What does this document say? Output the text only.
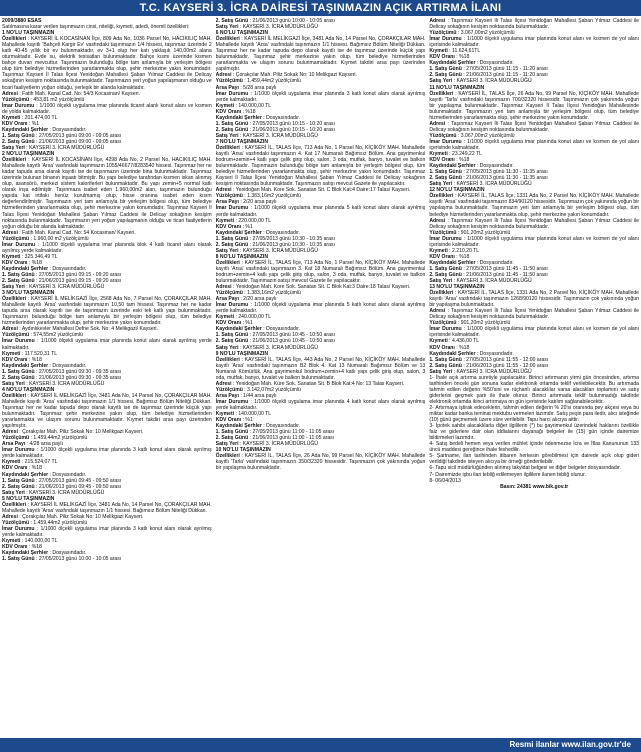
T.C. KAYSERİ 3. İCRA DAİRESİ TAŞINMAZIN AÇIK ARTIRMA İLANI

2009/3880 ESAS

Satılmasına karar verilen taşınmazın cinsi, niteliği, kıymeti, adedi, önemli özellikleri:

1 NO'LU TAŞINMAZIN

Özellikleri : KAYSERİ İL KOCASİNAN İlçe, 809 Ada No, 1036 Parsel No, HACIKILIÇ MAH. Mahallede kayıtlı 'Bahçeli Kargir Ev' vasfındaki taşınmazın 1/4 hissesi, taşınmaz üzerinde 2 katlı 40-45 yıllık bir ev bulunmaktadır, ev 3+1 olup her katı yaklaşık 140,00m2 alana oturmaktadır. Evde su, elektrik tesisatları bulunmaktadır. Bahçe kısmı üzerinde kısmen bahçe duvarı mevcuttur. Taşınmazın bulunduğu bölge tam anlamıyla bir yerleşim bölgesi olup tüm belediye hizmetlerinden yararlanmakta olup, şehir merkezine yakın konumdadır. Taşınmaz Kayseri İl Talas İlçesi Yenidoğan Mahallesi Şaban Yılmaz Caddesi ile Delicay sokağının kesişim noktasında bulunmaktadır. Taşınmazın yeri yoğun yapılaşmanın olduğu ve ticari faaliyetlerin yoğun olduğu, yerleşik bir alanda kalmaktadır.

Adresi : Fatih Mah. Kanal Cad. No: 54/3 Kocasinan/ Kayseri.

Yüzölçümü : 453,81 m2 yüzölçümlü

İmar Durumu : 1/1000 ölçekli uygulama imar planında ticaret alanlı konut alanı ve kısmen de yolda kalmaktadır.

Kıymeti : 201.474,00 TL

KDV Oranı : %1

Kaydındaki Şerhler : Dosyasındadır.

1. Satış Günü : 27/05/2013 günü 09:00 - 09:05 arası

2. Satış Günü : 21/06/2013 günü 09:00 - 09:05 arası

Satış Yeri : KAYSERİ 3. İCRA MÜDÜRLÜĞÜ

2 NO'LU TAŞINMAZIN

Özellikleri : KAYSERİ İL KOCASİNAN İlçe, 4298 Ada No, 2 Parsel No, HACIKILIÇ MAH. Mahallede kayıtlı 'Arsa' vasfındaki taşınmazın 1055/46677/8283540 hissesi. Taşınmaz her ne kadar tapuda arsa olarak kayıtlı ise de taşınmazın üzerinde bina bulunmaktadır. Taşınmaz üzerinde bulunan binanın inşaatı bitmiştir. Bu yapı belediye tarafından kısmen iskan alınmış olup, asansörü, merkezi sistem kaloriferleri bulunmaktadır. Bu yapı zemin+5 normal katlı olarak inşa edilmiştir. Taşınmaza isabet eden 1.960,00m2 alan, taşınmazın bulunduğu yapıda kat irtifakı henüz kurulmamış olup, hisse oranına isabet eden kısım değerlendirilmiştir. Taşınmazın yeri tam anlamıyla bir yerleşim bölgesi olup, tüm belediye hizmetlerinden yararlanmakta olup, şehir merkezine yakın konumdadır. Taşınmaz Kayseri İl Talas İlçesi Yenidoğan Mahallesi Şaban Yılmaz Caddesi ile Delicay sokağının kesişim noktasında bulunmaktadır. Taşınmazın yeri yoğun yapılaşmanın olduğu ve ticari faaliyetlerin yoğun olduğu bir alanda kalmaktadır.

Adresi : Fatih Mah. Kanal Cad. No: 54 Kocasinan/ Kayseri.

Yüzölçümü : 1.960,00 m2 yüzölçümlü

İmar Durumu : 1/1000 ölçekli uygulama imar planında blok 4 katlı ticaret alanı olarak ayrılmış yerde kalmaktadır.

Kıymeti : 325.346,49 TL

KDV Oranı : %18

Kaydındaki Şerhler : Dosyasındadır.

1. Satış Günü : 27/05/2013 günü 09:15 - 09:20 arası

2. Satış Günü : 21/06/2013 günü 09:15 - 09:20 arası

Satış Yeri : KAYSERİ 3. İCRA MÜDÜRLÜĞÜ

3 NO'LU TAŞINMAZIN

Özellikleri : KAYSERİ İL MELİKGAZİ İlçe, 2568 Ada No, 7 Parsel No, ÇORAKÇILAR MAH. Mahallede kayıtlı 'Arsa' vasfındaki taşınmazın 10,50 tam hissesi. Taşınmaz her ne kadar tapuda arsa olarak kayıtlı ise de taşınmazın üzerinde eski tek katlı yapı bulunmaktadır. Taşınmazın bulunduğu bölge tam anlamıyla bir yerleşim bölgesi olup, tüm belediye hizmetlerinden yararlanmakta olup, şehir merkezine yakın konumdadır.

Adresi : Aydınlıkevler Mahallesi Defne Sok. No: 4 Melikgazi/ Kayseri.

Yüzölçümü : 574,55m2 yüzölçümlü

İmar Durumu : 1/1000 ölçekli uygulama imar planında konut alanı olarak ayrılmış yerde kalmaktadır.

Kıymeti : 117.520,31 TL

KDV Oranı : %18

Kaydındaki Şerhler : Dosyasındadır.

1. Satış Günü : 27/05/2013 günü 09:30 - 09:35 arası

2. Satış Günü : 21/06/2013 günü 09:30 - 09:35 arası

Satış Yeri : KAYSERİ 3. İCRA MÜDÜRLÜĞÜ

4 NO'LU TAŞINMAZIN

Özellikleri : KAYSERİ İL MELİKGAZİ İlçe, 3481 Ada No, 14 Parsel No, ÇORAKÇILAR MAH. Mahallede kayıtlı 'Arsa' vasfındaki taşınmazın 1/1 hissesi. Bağımsız Bölüm Niteliği Dükkan. Taşınmaz her ne kadar tapuda depo olarak kayıtlı ise de taşınmaz üzerinde küçük yapı bulunmaktadır. Taşınmaz şehir merkezine yakın olup, tüm belediye hizmetlerinden yararlanmakta ve ulaşım sorunu bulunmamaktadır. Kıymet takdiri arsa payı üzerinden yapılmıştır.

Adresi : Çorakçılar Mah. Piliz Sokak No: 10 Melikgazi Kayseri.

Yüzölçümü : 1.459,44m2 yüzölçümlü

Arsa Payı : 4/28 arsa paylı

İmar Durumu : 1/1000 ölçekli uygulama imar planında 3 katlı konut alanı olarak ayrılmış yerde kalmaktadır.

Kıymeti : 215.524,07 TL

KDV Oranı : %18

Kaydındaki Şerhler : Dosyasındadır.

1. Satış Günü : 27/05/2013 günü 09:45 - 09:50 arası

2. Satış Günü : 21/06/2013 günü 09:45 - 09:50 arası

Satış Yeri : KAYSERİ 3. İCRA MÜDÜRLÜĞÜ

5 NO'LU TAŞINMAZIN

Özellikleri : KAYSERİ İL MELİKGAZİ İlçe, 3481 Ada No, 14 Parsel No, ÇORAKÇILAR MAH. Mahallede kayıtlı 'Arsa' vasfındaki taşınmazın 1/1 hissesi. Bağımsız Bölüm Niteliği Dükkan.

Adresi : Çorakçılar Mah. Piliz Sokak No: 10 Melikgazi Kayseri.

Yüzölçümü : 1.459,44m2 yüzölçümlü

İmar Durumu : 1/1000 ölçekli uygulama imar planında 3 katlı konut alanı olarak ayrılmış yerde kalmaktadır.

Kıymeti : 140.000,00 TL

KDV Oranı : %18

Kaydındaki Şerhler : Dosyasındadır.

1. Satış Günü : 27/05/2013 günü 10:00 - 10:05 arası

2. Satış Günü : 21/06/2013 günü 10:00 - 10:05 arası

Satış Yeri : KAYSERİ 3. İCRA MÜDÜRLÜĞÜ

6 NO'LU TAŞINMAZIN

Özellikleri : KAYSERİ İL MELİKGAZİ İlçe, 3481 Ada No, 14 Parsel No, ÇORAKÇILAR MAH. Mahallede kayıtlı 'Arsa' vasfındaki taşınmazın 1/1 hissesi. Bağımsız Bölüm Niteliği Dükkan. Taşınmaz her ne kadar tapuda depo olarak kayıtlı ise de taşınmaz üzerinde küçük yapı bulunmaktadır. Taşınmaz şehir merkezine yakın olup, tüm belediye hizmetlerinden yararlanmakta ve ulaşım sorunu bulunmamaktadır. Kıymet takdiri arsa payı üzerinden yapılmıştır.

Adresi : Çorakçılar Mah. Piliz Sokak No: 10 Melikgazi Kayseri.

Yüzölçümü : 1.459,44m2 yüzölçümlü

Arsa Payı : 5/28 arsa paylı

İmar Durumu : 1/1000 ölçekli uygulama imar planında 3 katlı konut alanı olarak ayrılmış yerde kalmaktadır.

Kıymeti : 140.000,00 TL

KDV Oranı : %18

Kaydındaki Şerhler : Dosyasındadır.

1. Satış Günü : 27/05/2013 günü 10:15 - 10:20 arası

2. Satış Günü : 21/06/2013 günü 10:15 - 10:20 arası

Satış Yeri : KAYSERİ 3. İCRA MÜDÜRLÜĞÜ

7 NO'LU TAŞINMAZIN

Özellikleri : KAYSERİ İL, TALAS İlçe, 713 Ada No, 1 Parsel No, KİÇİKÖY MAH. Mahallede kayıtlı 'Arsa' vasfındaki taşınmazın 4. Kat 17 Numaralı Bağımsız Bölüm. Ana gayrimenkul bodrum+zemin+4 katlı yapı çelik giriş olup, salon, 3 oda, mutfak, banyo, tuvalet ve balkon bulunmaktadır. Taşınmazın bulunduğu bölge tam anlamıyla bir yerleşim bölgesi olup, tüm belediye hizmetlerinden yararlanmakta olup, şehir merkezine yakın konumdadır. Taşınmaz Kayseri İl Talas İlçesi Yenidoğan Mahallesi Şaban Yılmaz Caddesi ile Delicay sokağının kesişim noktasında bulunmaktadır. Taşınmazın satışı mevcut Gazete ile yapılacaktır.

Adresi : Yenidoğan Mah. Kore Sok. Sanatan Sit. C Blok Kat:4 Daire:17 Talas/ Kayseri.

Yüzölçümü : 1.383,16m2 yüzölçümlü

Arsa Payı : 2/20 arsa paylı

İmar Durumu : 1/1000 ölçekli uygulama imar planında 5 katlı konut alanı olarak ayrılmış yerde kalmaktadır.

Kıymeti : 220.000,00 TL

KDV Oranı : %1

Kaydındaki Şerhler : Dosyasındadır.

1. Satış Günü : 27/05/2013 günü 10:30 - 10:35 arası

2. Satış Günü : 21/06/2013 günü 10:30 - 10:35 arası

Satış Yeri : KAYSERİ 3. İCRA MÜDÜRLÜĞÜ

8 NO'LU TAŞINMAZIN

Özellikleri : KAYSERİ İL, TALAS İlçe, 713 Ada No, 1 Parsel No, KİÇİKÖY MAH. Mahallede kayıtlı 'Arsa' vasfındaki taşınmazın 3. Kat 18 Numaralı Bağımsız Bölüm. Ana gayrimenkul bodrum+zemin+4 katlı yapı çelik giriş olup, salon, 3 oda, mutfak, banyo, tuvalet ve balkon bulunmaktadır. Taşınmazın satışı mevcut Gazete ile yapılacaktır.

Adresi : Yenidoğan Mah. Kore Sok. Sanatan Sit. C Blok Kat:3 Daire:18 Talas/ Kayseri.

Yüzölçümü : 1.383,16m2 yüzölçümlü

Arsa Payı : 2/20 arsa paylı

İmar Durumu : 1/1000 ölçekli uygulama imar planında 5 katlı konut alanı olarak ayrılmış yerde kalmaktadır.

Kıymeti : 240.000,00 TL

KDV Oranı : %1

Kaydındaki Şerhler : Dosyasındadır.

1. Satış Günü : 27/05/2013 günü 10:45 - 10:50 arası

2. Satış Günü : 21/06/2013 günü 10:45 - 10:50 arası

Satış Yeri : KAYSERİ 3. İCRA MÜDÜRLÜĞÜ

9 NO'LU TAŞINMAZIN

Özellikleri : KAYSERİ İL, TALAS İlçe, 443 Ada No, 2 Parsel No, KİÇİKÖY MAH. Mahallede kayıtlı 'Arsa' vasfındaki taşınmazın B2 Blok 4. Kat 13 Numaralı Bağımsız Bölüm ve 13 Numaralı Kömürlük. Ana gayrimenkul bodrum+zemin+4 katlı yapı çelik giriş olup, salon, 3 oda, mutfak, banyo, tuvalet ve balkon bulunmaktadır.

Adresi : Yenidoğan Mah. Küre Sok. Sanatan Sit. B Blok Kat:4 No: 13 Talas Kayseri.

Yüzölçümü : 3.142,07m2 yüzölçümlü

Arsa Payı : 1/44 arsa paylı

İmar Durumu : 1/1000 ölçekli uygulama imar planında 4 katlı konut alanı olarak ayrılmış yerde kalmaktadır.

Kıymeti : 140.000,00 TL

KDV Oranı : %1

Kaydındaki Şerhler : Dosyasındadır.

1. Satış Günü : 27/05/2013 günü 11:00 - 11:05 arası

2. Satış Günü : 21/06/2013 günü 11:00 - 11:05 arası

Satış Yeri : KAYSERİ 3. İCRA MÜDÜRLÜĞÜ

10 NO'LU TAŞINMAZIN

Özellikleri : KAYSERİ İL, TALAS İlçe, 26 Ada No, 99 Parsel No, KİÇİKÖY MAH. Mahallede kayıtlı 'Tarla' vasfındaki taşınmazın 350/32320 hissesidir. Taşınmazın çok yakınında yoğun bir yapılaşma bulunmaktadır.

Adresi : Taşınmaz Kayseri İli Talas İlçesi Yenidoğan Mahallesi Şaban Yılmaz Caddesi ile Delicay sokağının kesişim noktasında bulunmaktadır.

Yüzölçümü : 3.067,00m2 yüzölçümlü

İmar Durumu : 1/1000 ölçekli uygulama imar planında konut alanı ve kısmen de yol alanı içerisinde kalmaktadır.

Kıymeti : 11.624,61TL

KDV Oranı : %18

Kaydındaki Şerhler : Dosyasındadır.

1. Satış Günü : 27/05/2013 günü 11:15 - 11:20 arası

2. Satış Günü : 21/06/2013 günü 11:15 - 11:20 arası

Satış Yeri : KAYSERİ 3. İCRA MÜDÜRLÜĞÜ

11 NO'LU TAŞINMAZIN

Özellikleri : KAYSERİ İL, TALAS İlçe, 26 Ada No, 99 Parsel No, KİÇİKÖY MAH. Mahallede kayıtlı 'Tarla' vasfındaki taşınmazın 700/32320 hissesidir. Taşınmazın çok yakınında yoğun bir yapılaşma bulunmaktadır. Taşınmaz Kayseri İl Talas İlçesi Yenidoğan Mahallesinde bulunmaktadır. Taşınmazın yeri tam anlamıyla bir yerleşim bölgesi olup, tüm belediye hizmetlerinden yararlanmakta olup, şehir merkezine yakın konumdadır.

Adresi : Taşınmaz Kayseri İli Talas İlçesi Yenidoğan Mahallesi Şaban Yılmaz Caddesi ile Delicay sokağının kesişim noktasında bulunmaktadır.

Yüzölçümü : 3.067,00m2 yüzölçümlü

İmar Durumu : 1/1000 ölçekli uygulama imar planında konut alanı ve kısmen de yol alanı içerisinde kalmaktadır.

Kıymeti : 23.249,22 TL

KDV Oranı : %18

Kaydındaki Şerhler : Dosyasındadır.

1. Satış Günü : 27/05/2013 günü 11:30 - 11:35 arası

2. Satış Günü : 21/06/2013 günü 11:30 - 11:35 arası

Satış Yeri : KAYSERİ 3. İCRA MÜDÜRLÜĞÜ

12 NO'LU TAŞINMAZIN

Özellikleri : KAYSERİ İL, TALAS İlçe, 1331 Ada No, 2 Parsel No, KİÇİKÖY MAH. Mahallede kayıtlı 'Arsa' vasfındaki taşınmazın 834/90120 hissesidir. Taşınmazın çok yakınında yoğun bir yapılaşma bulunmaktadır. Taşınmazın yeri tam anlamıyla bir yerleşim bölgesi olup, tüm belediye hizmetlerinden yararlanmakta olup, şehir merkezine yakın konumdadır.

Adresi : Taşınmaz Kayseri İli Talas İlçesi Yenidoğan Mahallesi Şaban Yılmaz Caddesi ile Delicay sokağının kesişim noktasında bulunmaktadır.

Yüzölçümü : 901,20m2 yüzölçümlü

İmar Durumu : 1/1000 ölçekli uygulama imar planında konut alanı ve kısmen de yol alanı içerisinde kalmaktadır.

Kıymeti : 2.210,20 TL

KDV Oranı : %18

Kaydındaki Şerhler : Dosyasındadır.

1. Satış Günü : 27/05/2013 günü 11:45 - 11:50 arası

2. Satış Günü : 21/06/2013 günü 11:45 - 11:50 arası

Satış Yeri : KAYSERİ 3. İCRA MÜDÜRLÜĞÜ

13 NO'LU TAŞINMAZIN

Özellikleri : KAYSERİ İL, TALAS İlçe, 1331 Ada No, 2 Parsel No, KİÇİKÖY MAH. Mahallede kayıtlı 'Arsa' vasfındaki taşınmazın 1268/90120 hissesidir. Taşınmazın çok yakınında yoğun bir yapılaşma bulunmaktadır.

Adresi : Taşınmaz Kayseri İli Talas İlçesi Yenidoğan Mahallesi Şaban Yılmaz Caddesi ile Delicay sokağının kesişim noktasında bulunmaktadır.

Yüzölçümü : 901,20m2 yüzölçümlü

İmar Durumu : 1/1000 ölçekli uygulama imar planında konut alanı ve kısmen de yol alanı içerisinde kalmaktadır.

Kıymeti : 4.436,00 TL

KDV Oranı : %18

Kaydındaki Şerhler : Dosyasındadır.

1. Satış Günü : 27/05/2013 günü 11:55 - 12:00 arası

2. Satış Günü : 21/06/2013 günü 11:55 - 12:00 arası

Satış Yeri : KAYSERİ 3. İCRA MÜDÜRLÜĞÜ

1- İhale açık artırma suretiyle yapılacaktır. Birinci artırmanın yirmi gün öncesinden, artırma tarihinden önceki gün sonuna kadar elektronik ortamda teklif verilebilecektir. Bu artırmada tahmin edilen değerin %50'sini ve rüçhanlı alacaklılar varsa alacakları toplamını ve satış giderlerini geçmek şartı ile ihale olunur. Birinci artırmada teklif bulunmadığı takdirde elektronik ortamda ikinci artırmaya on gün içerisinde katılım sağlanabilecektir.

2- Artırmaya iştirak edeceklerin, tahmin edilen değerin % 20'si oranında pey akçesi veya bu miktar kadar banka teminat mektubu vermeleri lazımdır. Satış peşin para iledir, alıcı isteğinde (10) günü geçmemek üzere süre verilebilir. Tapu harcı alıcıya aittir.

3- İpotek sahibi alacaklılarla diğer ilgililerin (*) bu gayrimenkul üzerindeki haklarını özellikle faiz ve giderlere dair olan iddialarını dayanağı belgeler ile (15) gün içinde dairemize bildirmeleri lazımdır.

4- Satış bedeli hemen veya verilen mühlet içinde ödenmezse İcra ve İflas Kanununun 133 üncü maddesi gereğince ihale feshedilir.

5- Şartname, ilan tarihinden itibaren herkesin görebilmesi için dairede açık olup gideri verildiği takdirde isteyen alıcıya bir örneği gönderilebilir.

6- Tapu sicil müdürlüğünden alınmış takyidat belgesi ve diğer belgeler dosyasındadır.

7- Dairemizde işbu ilan tebliğ edilemeyen ilgililere ilanen tebliğ olunur.

8- 06/04/2013

Basın: 24381 www.bik.gov.tr

Resmi ilanlar www.ilan.gov.tr'de
